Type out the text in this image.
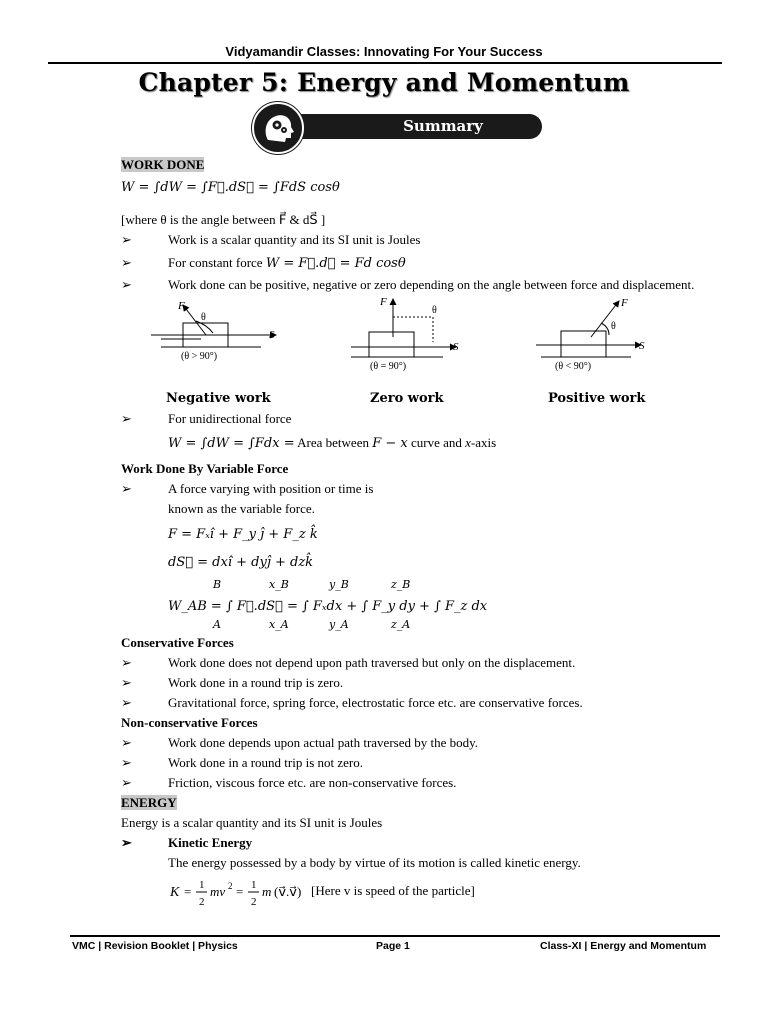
Vidyamandir Classes: Innovating For Your Success
Chapter 5: Energy and Momentum
Summary
WORK DONE
W = ∫dW = ∫F⃗.dS⃗ = ∫FdS cosθ
[where θ is the angle between F⃗ & dS⃗ ]
➢	Work is a scalar quantity and its SI unit is Joules
➢	For constant force W = F⃗.d⃗ = Fd cosθ
➢	Work done can be positive, negative or zero depending on the angle between force and displacement.
F
θ
S
(θ > 90°)
F
θ
S
(θ = 90°)
F
θ
S
(θ < 90°)
Negative work	Zero work	Positive work
➢	For unidirectional force
W = ∫dW = ∫Fdx = Area between F − x curve and x-axis
Work Done By Variable Force
➢	A force varying with position or time is
known as the variable force.
F = Fₓî + F_y ĵ + F_z k̂
dS⃗ = dxî + dyĵ + dzk̂
W_AB = ∫ F⃗.dS⃗ = ∫ Fₓdx + ∫ F_y dy + ∫ F_z dx
B
A
x_B
x_A
y_B
y_A
z_B
z_A
Conservative Forces
➢	Work done does not depend upon path traversed but only on the displacement.
➢	Work done in a round trip is zero.
➢	Gravitational force, spring force, electrostatic force etc. are conservative forces.
Non-conservative Forces
➢	Work done depends upon actual path traversed by the body.
➢	Work done in a round trip is not zero.
➢	Friction, viscous force etc. are non-conservative forces.
ENERGY
Energy is a scalar quantity and its SI unit is Joules
➢	Kinetic Energy
The energy possessed by a body by virtue of its motion is called kinetic energy.
K = 1
2
mv 2 = 1
2
m (v⃗.v⃗) [Here v is speed of the particle]
VMC | Revision Booklet | Physics	Page 1	Class-XI | Energy and Momentum
